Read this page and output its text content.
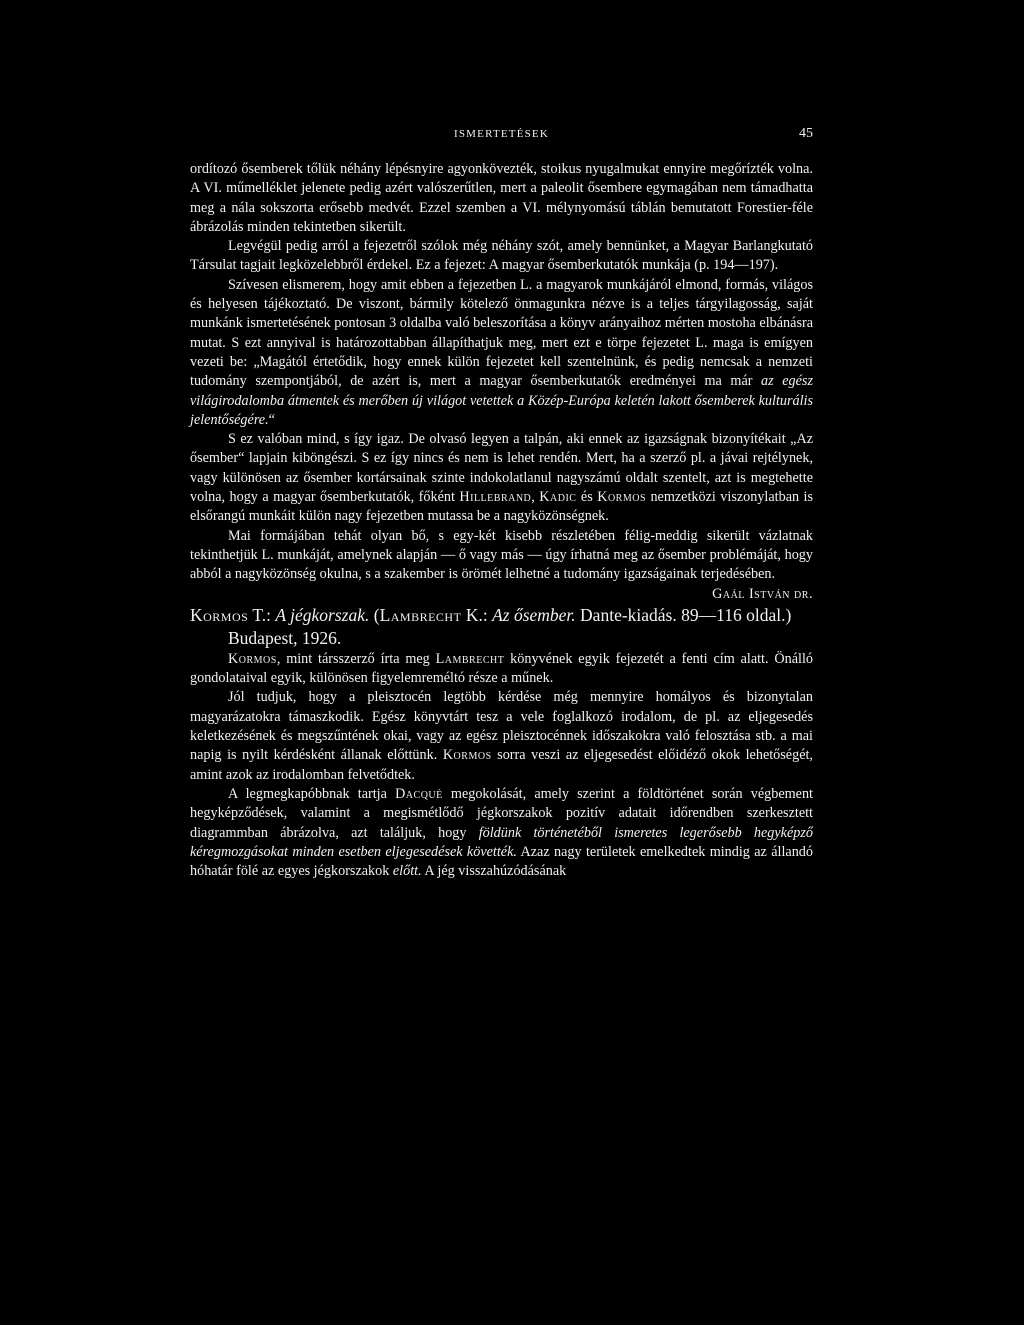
ISMERTETÉSEK	45

ordítozó ősemberek tőlük néhány lépésnyire agyonkövezték, stoikus nyugalmukat ennyire megőrízték volna. A VI. műmelléklet jelenete pedig azért valószerűtlen, mert a paleolit ősembere egymagában nem támadhatta meg a nála sokszorta erősebb medvét. Ezzel szemben a VI. mélynyomású táblán bemutatott Forestier-féle ábrázolás minden tekintetben sikerült.

Legvégül pedig arról a fejezetről szólok még néhány szót, amely bennünket, a Magyar Barlangkutató Társulat tagjait legközelebbről érdekel. Ez a fejezet: A magyar ősemberkutatók munkája (p. 194—197).

Szívesen elismerem, hogy amit ebben a fejezetben L. a magyarok munkájáról elmond, formás, világos és helyesen tájékoztató. De viszont, bármily kötelező önmagunkra nézve is a teljes tárgyilagosság, saját munkánk ismertetésének pontosan 3 oldalba való beleszorítása a könyv arányaihoz mérten mostoha elbánásra mutat. S ezt annyival is határozottabban állapíthatjuk meg, mert ezt e törpe fejezetet L. maga is emígyen vezeti be: „Magától értetődik, hogy ennek külön fejezetet kell szentelnünk, és pedig nemcsak a nemzeti tudomány szempontjából, de azért is, mert a magyar ősemberkutatók eredményei ma már az egész világirodalomba átmentek és merőben új világot vetettek a Közép-Európa keletén lakott ősemberek kulturális jelentőségére.“

S ez valóban mind, s így igaz. De olvasó legyen a talpán, aki ennek az igazságnak bizonyítékait „Az ősember“ lapjain kiböngészi. S ez így nincs és nem is lehet rendén. Mert, ha a szerző pl. a jávai rejtélynek, vagy különösen az ősember kortársainak szinte indokolatlanul nagyszámú oldalt szentelt, azt is megtehette volna, hogy a magyar ősemberkutatók, főként Hillebrand, Kadic és Kormos nemzetközi viszonylatban is elsőrangú munkáit külön nagy fejezetben mutassa be a nagyközönségnek.

Mai formájában tehát olyan bő, s egy-két kisebb részletében félig-meddig sikerült vázlatnak tekinthetjük L. munkáját, amelynek alapján — ő vagy más — úgy írhatná meg az ősember problémáját, hogy abból a nagyközönség okulna, s a szakember is örömét lelhetné a tudomány igazságainak terjedésében.

Gaál István dr.

Kormos T.: A jégkorszak. (Lambrecht K.: Az ősember. Dante-kiadás. 89—116 oldal.) Budapest, 1926.

Kormos, mint társszerző írta meg Lambrecht könyvének egyik fejezetét a fenti cím alatt. Önálló gondolataival egyik, különösen figyelemreméltó része a műnek.

Jól tudjuk, hogy a pleisztocén legtöbb kérdése még mennyire homályos és bizonytalan magyarázatokra támaszkodik. Egész könyvtárt tesz a vele foglalkozó irodalom, de pl. az eljegesedés keletkezésének és megszűntének okai, vagy az egész pleisztocénnek időszakokra való felosztása stb. a mai napig is nyilt kérdésként állanak előttünk. Kormos sorra veszi az eljegesedést előidéző okok lehetőségét, amint azok az irodalomban felvetődtek.

A legmegkapóbbnak tartja Dacqué megokolását, amely szerint a földtörténet során végbement hegyképződések, valamint a megismétlődő jégkorszakok pozitív adatait időrendben szerkesztett diagrammban ábrázolva, azt találjuk, hogy földünk történetéből ismeretes legerősebb hegyképző kéregmozgásokat minden esetben eljegesedések követték. Azaz nagy területek emelkedtek mindig az állandó hóhatár fölé az egyes jégkorszakok előtt. A jég visszahúzódásának
